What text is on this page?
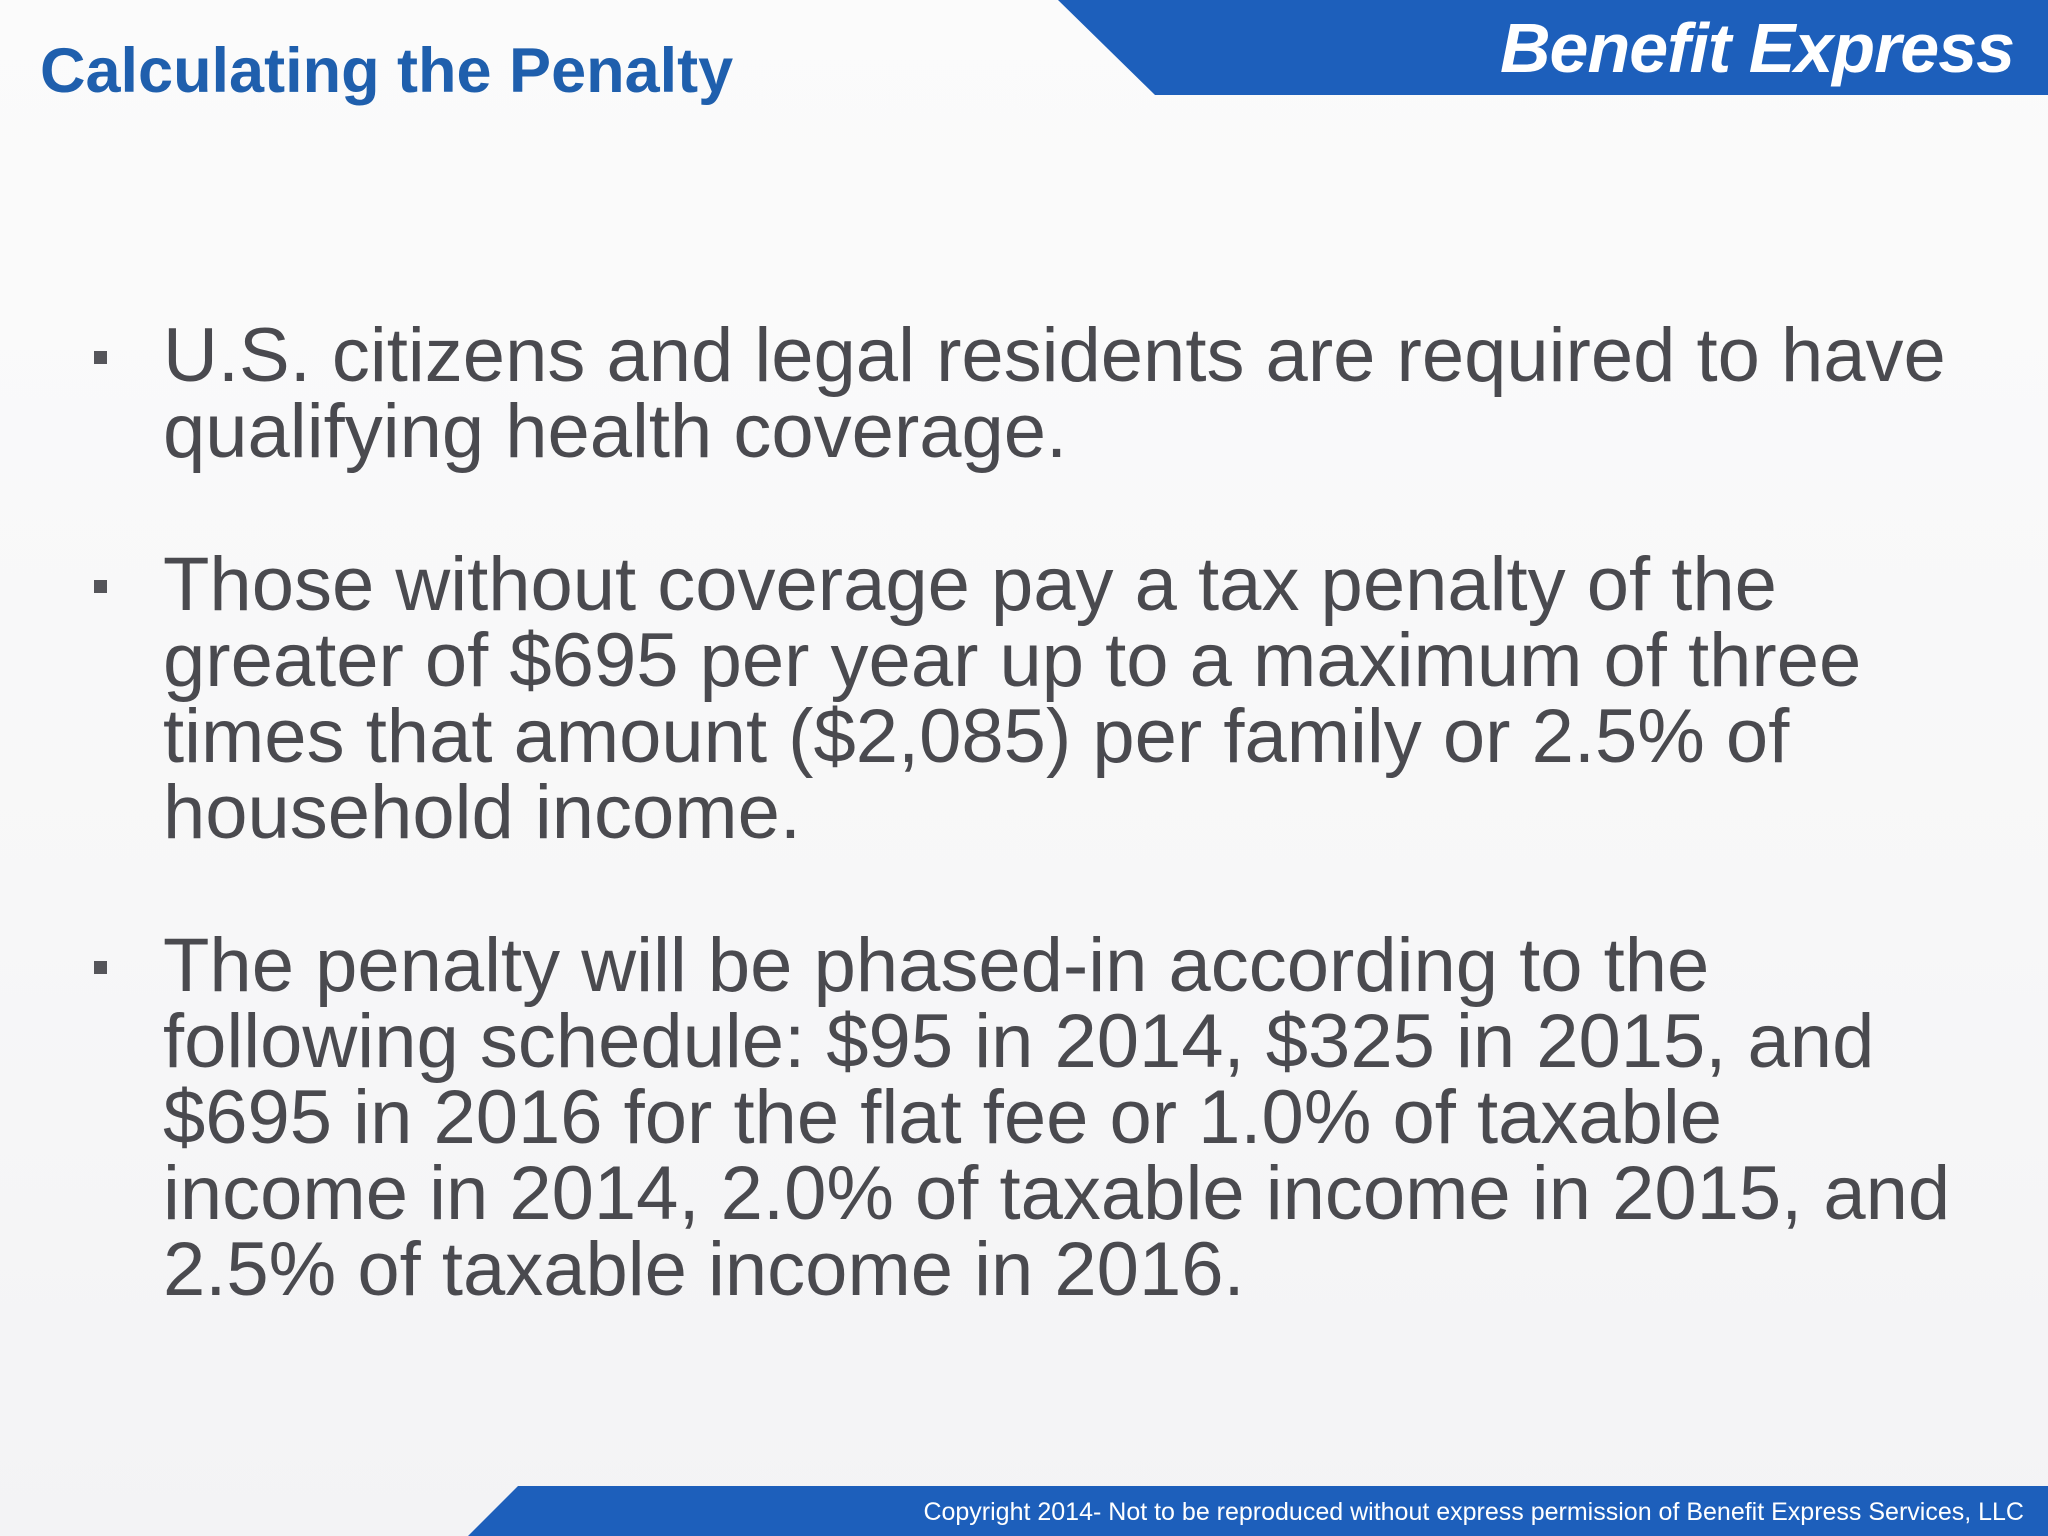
Benefit Express
Calculating the Penalty
U.S. citizens and legal residents are required to have qualifying health coverage.
Those without coverage pay a tax penalty of the greater of $695 per year up to a maximum of three times that amount ($2,085) per family or 2.5% of household income.
The penalty will be phased-in according to the following schedule: $95 in 2014, $325 in 2015, and $695 in 2016 for the flat fee or 1.0% of taxable income in 2014, 2.0% of taxable income in 2015, and 2.5% of taxable income in 2016.
Copyright 2014- Not to be reproduced without express permission of Benefit Express Services, LLC
